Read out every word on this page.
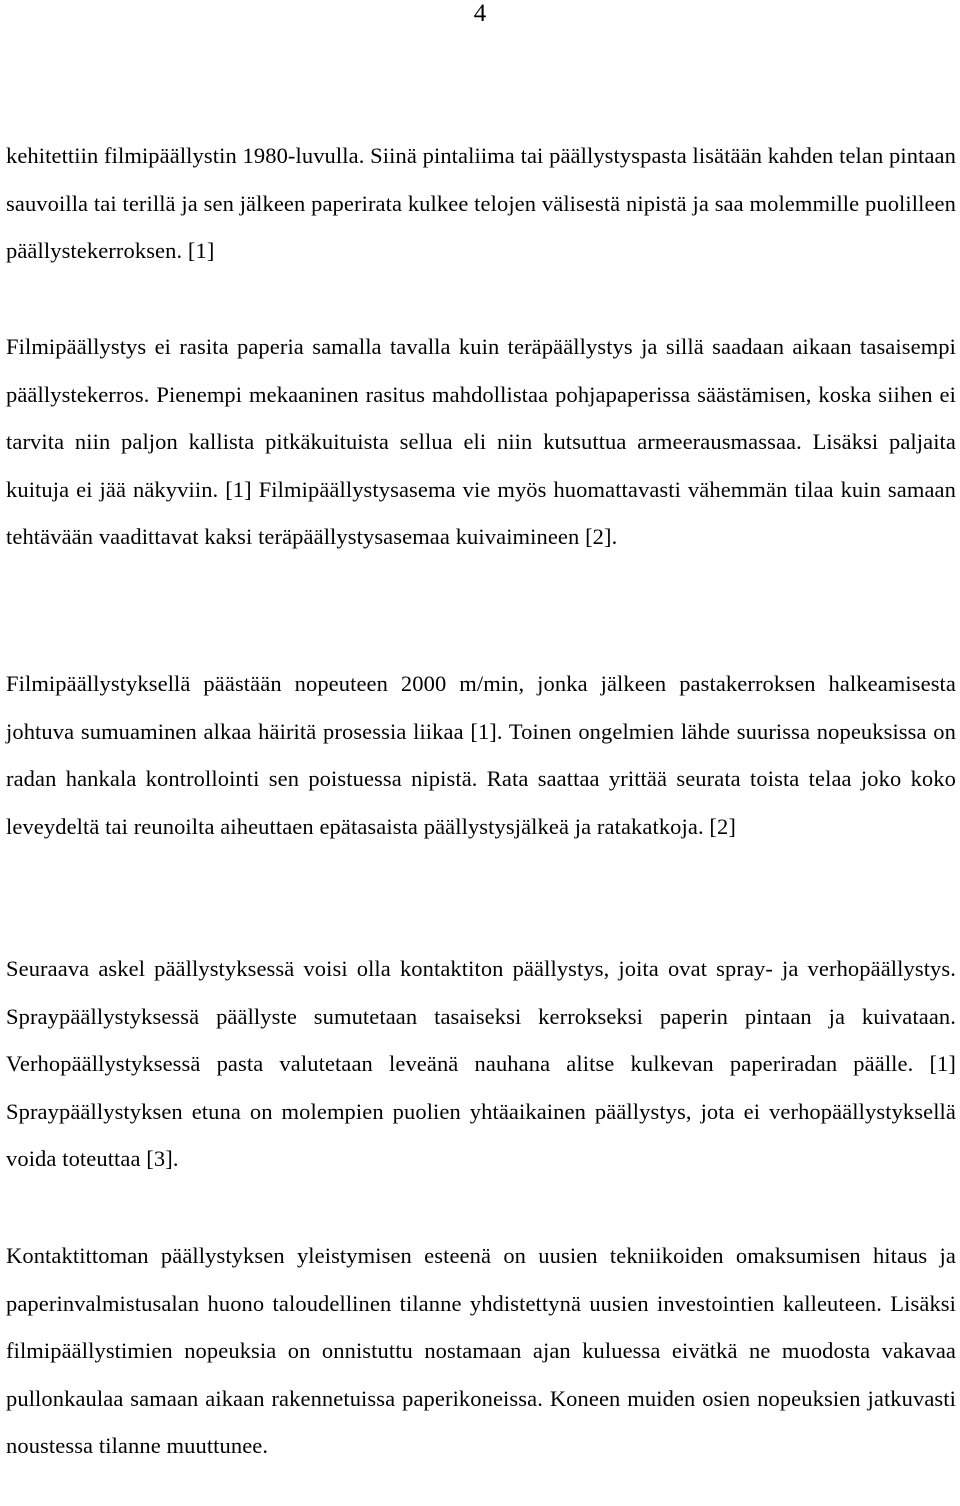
4

kehitettiin filmipäällystin 1980-luvulla. Siinä pintaliima tai päällystyspasta lisätään kahden telan pintaan sauvoilla tai terillä ja sen jälkeen paperirata kulkee telojen välisestä nipistä ja saa molemmille puolilleen päällystekerroksen. [1]

Filmipäällystys ei rasita paperia samalla tavalla kuin teräpäällystys ja sillä saadaan aikaan tasaisempi päällystekerros. Pienempi mekaaninen rasitus mahdollistaa pohjapaperissa säästämisen, koska siihen ei tarvita niin paljon kallista pitkäkuituista sellua eli niin kutsuttua armeerausmassaa. Lisäksi paljaita kuituja ei jää näkyviin. [1] Filmipäällystysasema vie myös huomattavasti vähemmän tilaa kuin samaan tehtävään vaadittavat kaksi teräpäällystysasemaa kuivaimineen [2].

Filmipäällystyksellä päästään nopeuteen 2000 m/min, jonka jälkeen pastakerroksen halkeamisesta johtuva sumuaminen alkaa häiritä prosessia liikaa [1]. Toinen ongelmien lähde suurissa nopeuksissa on radan hankala kontrollointi sen poistuessa nipistä. Rata saattaa yrittää seurata toista telaa joko koko leveydeltä tai reunoilta aiheuttaen epätasaista päällystysjälkeä ja ratakatkoja. [2]

Seuraava askel päällystyksessä voisi olla kontaktiton päällystys, joita ovat spray- ja verhopäällystys. Spraypäällystyksessä päällyste sumutetaan tasaiseksi kerrokseksi paperin pintaan ja kuivataan. Verhopäällystyksessä pasta valutetaan leveänä nauhana alitse kulkevan paperiradan päälle. [1] Spraypäällystyksen etuna on molempien puolien yhtäaikainen päällystys, jota ei verhopäällystyksellä voida toteuttaa [3].

Kontaktittoman päällystyksen yleistymisen esteenä on uusien tekniikoiden omaksumisen hitaus ja paperinvalmistusalan huono taloudellinen tilanne yhdistettynä uusien investointien kalleuteen. Lisäksi filmipäällystimien nopeuksia on onnistuttu nostamaan ajan kuluessa eivätkä ne muodosta vakavaa pullonkaulaa samaan aikaan rakennetuissa paperikoneissa. Koneen muiden osien nopeuksien jatkuvasti noustessa tilanne muuttunee.
